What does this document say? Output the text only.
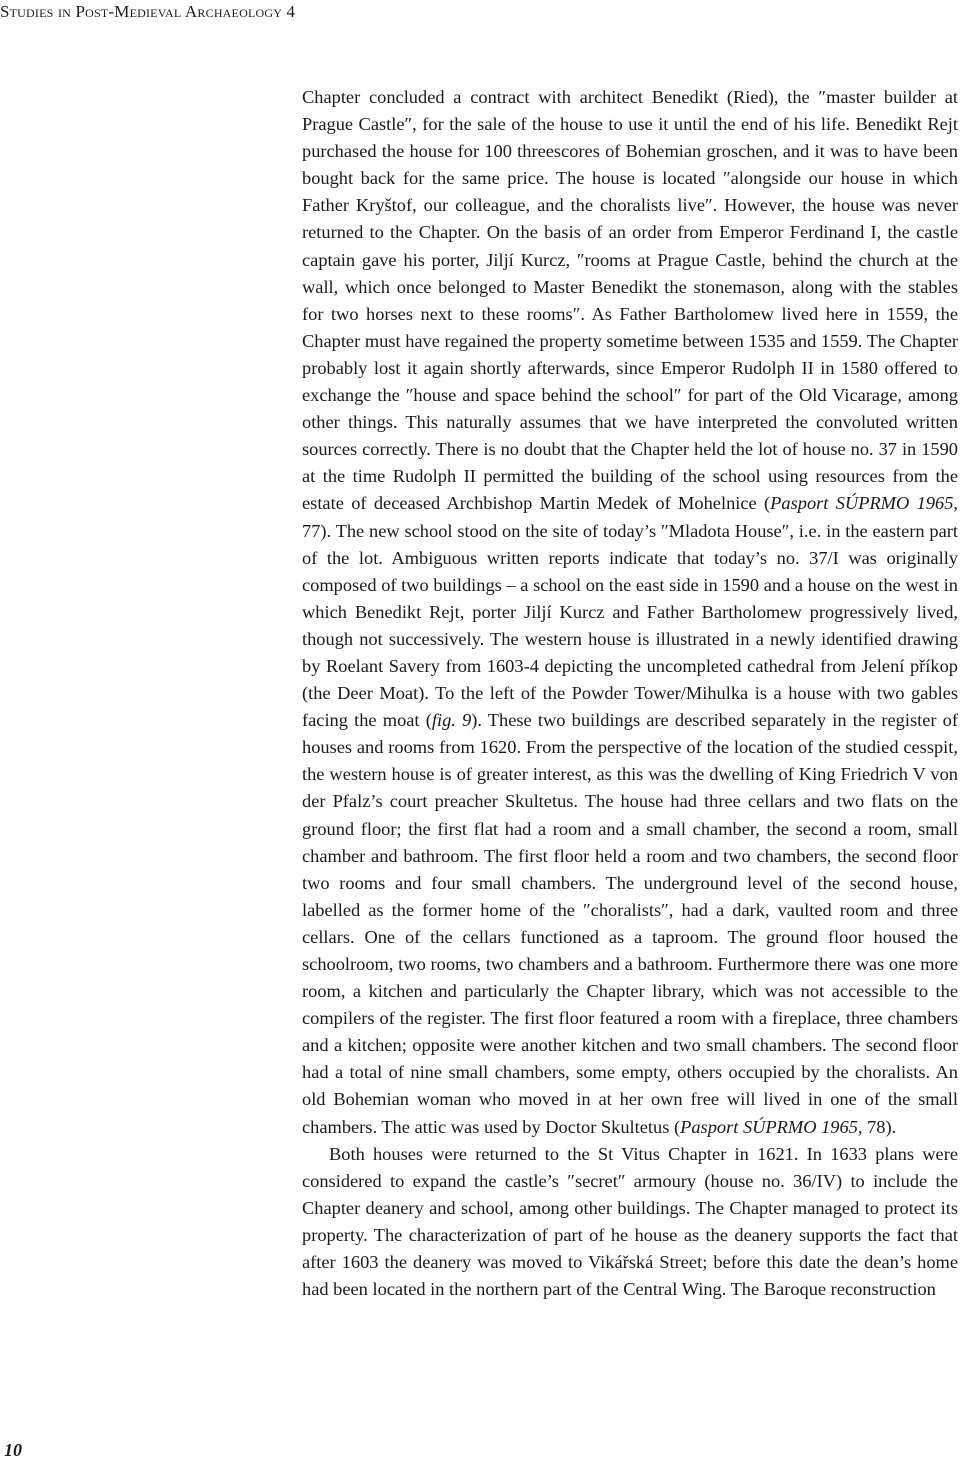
Studies in Post-Medieval Archaeology 4

Chapter concluded a contract with architect Benedikt (Ried), the ″master builder at Prague Castle″, for the sale of the house to use it until the end of his life. Benedikt Rejt purchased the house for 100 threescores of Bohemian groschen, and it was to have been bought back for the same price. The house is located ″alongside our house in which Father Kryštof, our colleague, and the choralists live″. However, the house was never returned to the Chapter. On the basis of an order from Emperor Ferdinand I, the castle captain gave his porter, Jiljí Kurcz, ″rooms at Prague Castle, behind the church at the wall, which once belonged to Master Benedikt the stonemason, along with the stables for two horses next to these rooms″. As Father Bartholomew lived here in 1559, the Chapter must have regained the property sometime between 1535 and 1559. The Chapter probably lost it again shortly afterwards, since Emperor Rudolph II in 1580 offered to exchange the ″house and space behind the school″ for part of the Old Vicarage, among other things. This naturally assumes that we have interpreted the convoluted written sources correctly. There is no doubt that the Chapter held the lot of house no. 37 in 1590 at the time Rudolph II permitted the building of the school using resources from the estate of deceased Archbishop Martin Medek of Mohelnice (Pasport SÚPRMO 1965, 77). The new school stood on the site of today’s ″Mladota House″, i.e. in the eastern part of the lot. Ambiguous written reports indicate that today’s no. 37/I was originally composed of two buildings – a school on the east side in 1590 and a house on the west in which Benedikt Rejt, porter Jiljí Kurcz and Father Bartholomew progressively lived, though not successively. The western house is illustrated in a newly identified drawing by Roelant Savery from 1603-4 depicting the uncompleted cathedral from Jelení příkop (the Deer Moat). To the left of the Powder Tower/Mihulka is a house with two gables facing the moat (fig. 9). These two buildings are described separately in the register of houses and rooms from 1620. From the perspective of the location of the studied cesspit, the western house is of greater interest, as this was the dwelling of King Friedrich V von der Pfalz’s court preacher Skultetus. The house had three cellars and two flats on the ground floor; the first flat had a room and a small chamber, the second a room, small chamber and bathroom. The first floor held a room and two chambers, the second floor two rooms and four small chambers. The underground level of the second house, labelled as the former home of the ″choralists″, had a dark, vaulted room and three cellars. One of the cellars functioned as a taproom. The ground floor housed the schoolroom, two rooms, two chambers and a bathroom. Furthermore there was one more room, a kitchen and particularly the Chapter library, which was not accessible to the compilers of the register. The first floor featured a room with a fireplace, three chambers and a kitchen; opposite were another kitchen and two small chambers. The second floor had a total of nine small chambers, some empty, others occupied by the choralists. An old Bohemian woman who moved in at her own free will lived in one of the small chambers. The attic was used by Doctor Skultetus (Pasport SÚPRMO 1965, 78).

Both houses were returned to the St Vitus Chapter in 1621. In 1633 plans were considered to expand the castle’s ″secret″ armoury (house no. 36/IV) to include the Chapter deanery and school, among other buildings. The Chapter managed to protect its property. The characterization of part of he house as the deanery supports the fact that after 1603 the deanery was moved to Vikářská Street; before this date the dean’s home had been located in the northern part of the Central Wing. The Baroque reconstruction

10
